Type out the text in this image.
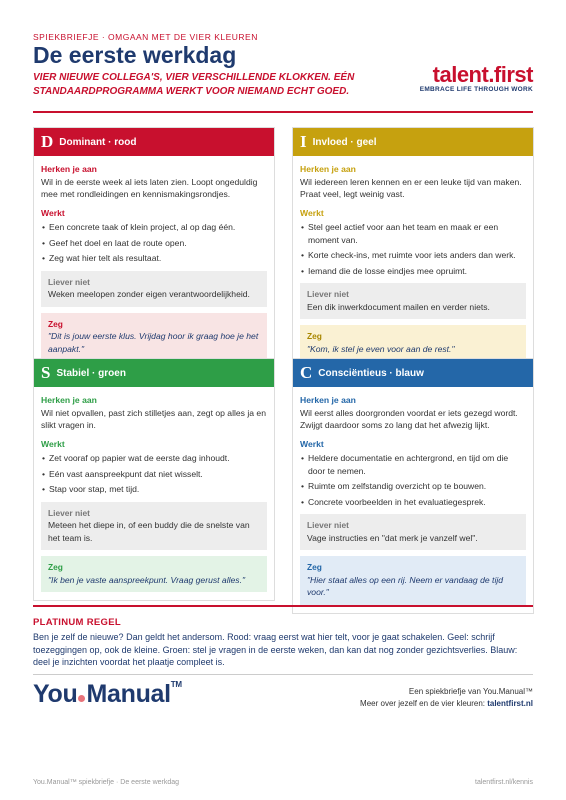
SPIEKBRIEFJE · OMGAAN MET DE VIER KLEUREN
De eerste werkdag
VIER NIEUWE COLLEGA'S, VIER VERSCHILLENDE KLOKKEN. EÉN STANDAARDPROGRAMMA WERKT VOOR NIEMAND ECHT GOED.
talent.first
EMBRACE LIFE THROUGH WORK
D Dominant · rood
Herken je aan
Wil in de eerste week al iets laten zien. Loopt ongeduldig mee met rondleidingen en kennismakingsrondjes.
Werkt
• Een concrete taak of klein project, al op dag één.
• Geef het doel en laat de route open.
• Zeg wat hier telt als resultaat.
Liever niet
Weken meelopen zonder eigen verantwoordelijkheid.
Zeg
"Dit is jouw eerste klus. Vrijdag hoor ik graag hoe je het aanpakt."
I Invloed · geel
Herken je aan
Wil iedereen leren kennen en er een leuke tijd van maken. Praat veel, legt weinig vast.
Werkt
• Stel geel actief voor aan het team en maak er een moment van.
• Korte check-ins, met ruimte voor iets anders dan werk.
• Iemand die de losse eindjes mee opruimt.
Liever niet
Een dik inwerkdocument mailen en verder niets.
Zeg
"Kom, ik stel je even voor aan de rest."
S Stabiel · groen
Herken je aan
Wil niet opvallen, past zich stilletjes aan, zegt op alles ja en slikt vragen in.
Werkt
• Zet vooraf op papier wat de eerste dag inhoudt.
• Eén vast aanspreekpunt dat niet wisselt.
• Stap voor stap, met tijd.
Liever niet
Meteen het diepe in, of een buddy die de snelste van het team is.
Zeg
"Ik ben je vaste aanspreekpunt. Vraag gerust alles."
C Consciëntieus · blauw
Herken je aan
Wil eerst alles doorgronden voordat er iets gezegd wordt. Zwijgt daardoor soms zo lang dat het afwezig lijkt.
Werkt
• Heldere documentatie en achtergrond, en tijd om die door te nemen.
• Ruimte om zelfstandig overzicht op te bouwen.
• Concrete voorbeelden in het evaluatiegesprek.
Liever niet
Vage instructies en "dat merk je vanzelf wel".
Zeg
"Hier staat alles op een rij. Neem er vandaag de tijd voor."
PLATINUM REGEL
Ben je zelf de nieuwe? Dan geldt het andersom. Rood: vraag eerst wat hier telt, voor je gaat schakelen. Geel: schrijf toezeggingen op, ook de kleine. Groen: stel je vragen in de eerste weken, dan kan dat nog zonder gezichtsverlies. Blauw: deel je inzichten voordat het plaatje compleet is.
You Manual™
Een spiekbriefje van You.Manual™
Meer over jezelf en de vier kleuren: talentfirst.nl
You.Manual™ spiekbriefje · De eerste werkdag	talentfirst.nl/kennis
